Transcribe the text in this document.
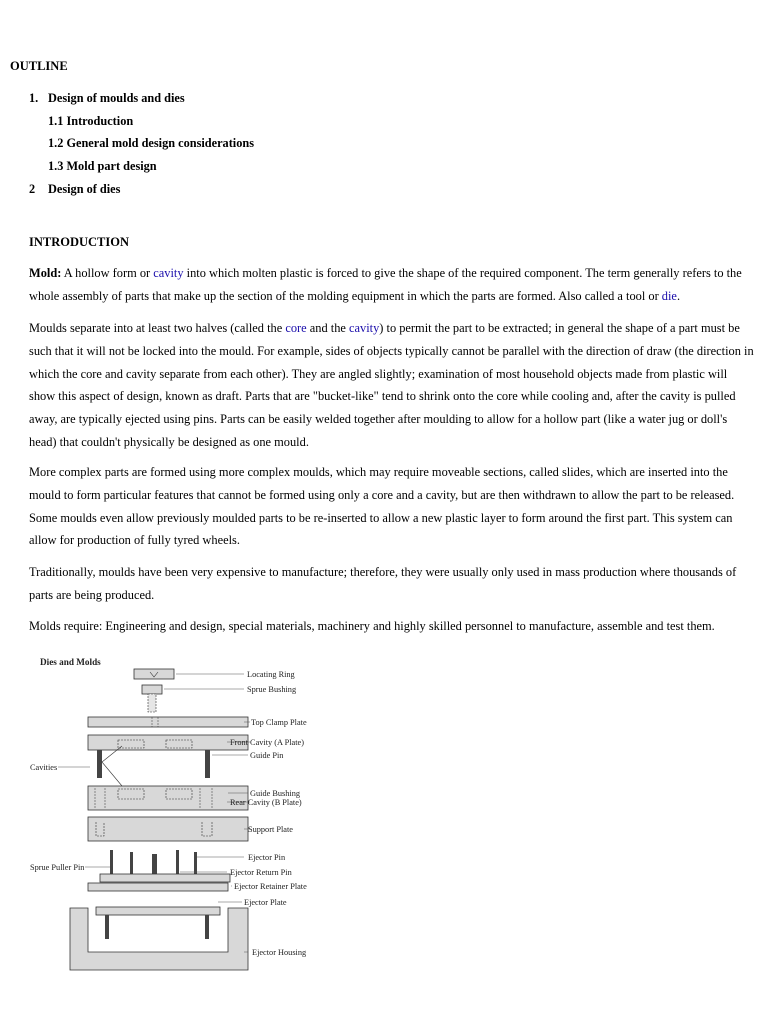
OUTLINE
1. Design of moulds and dies
1.1 Introduction
1.2 General mold design considerations
1.3 Mold part design
2 Design of dies
INTRODUCTION

Mold: A hollow form or cavity into which molten plastic is forced to give the shape of the required component. The term generally refers to the whole assembly of parts that make up the section of the molding equipment in which the parts are formed. Also called a tool or die.

Moulds separate into at least two halves (called the core and the cavity) to permit the part to be extracted; in general the shape of a part must be such that it will not be locked into the mould. For example, sides of objects typically cannot be parallel with the direction of draw (the direction in which the core and cavity separate from each other). They are angled slightly; examination of most household objects made from plastic will show this aspect of design, known as draft. Parts that are "bucket-like" tend to shrink onto the core while cooling and, after the cavity is pulled away, are typically ejected using pins. Parts can be easily welded together after moulding to allow for a hollow part (like a water jug or doll's head) that couldn't physically be designed as one mould.

More complex parts are formed using more complex moulds, which may require moveable sections, called slides, which are inserted into the mould to form particular features that cannot be formed using only a core and a cavity, but are then withdrawn to allow the part to be released. Some moulds even allow previously moulded parts to be re-inserted to allow a new plastic layer to form around the first part. This system can allow for production of fully tyred wheels.

Traditionally, moulds have been very expensive to manufacture; therefore, they were usually only used in mass production where thousands of parts are being produced.

Molds require: Engineering and design, special materials, machinery and highly skilled personnel to manufacture, assemble and test them.

Dies and Molds
Locating Ring
Sprue Bushing
Top Clamp Plate
Front Cavity (A Plate)
Guide Pin
Cavities
Guide Bushing
Rear Cavity (B Plate)
Support Plate
Ejector Pin
Sprue Puller Pin
Ejector Return Pin
Ejector Retainer Plate
Ejector Plate
Ejector Housing
